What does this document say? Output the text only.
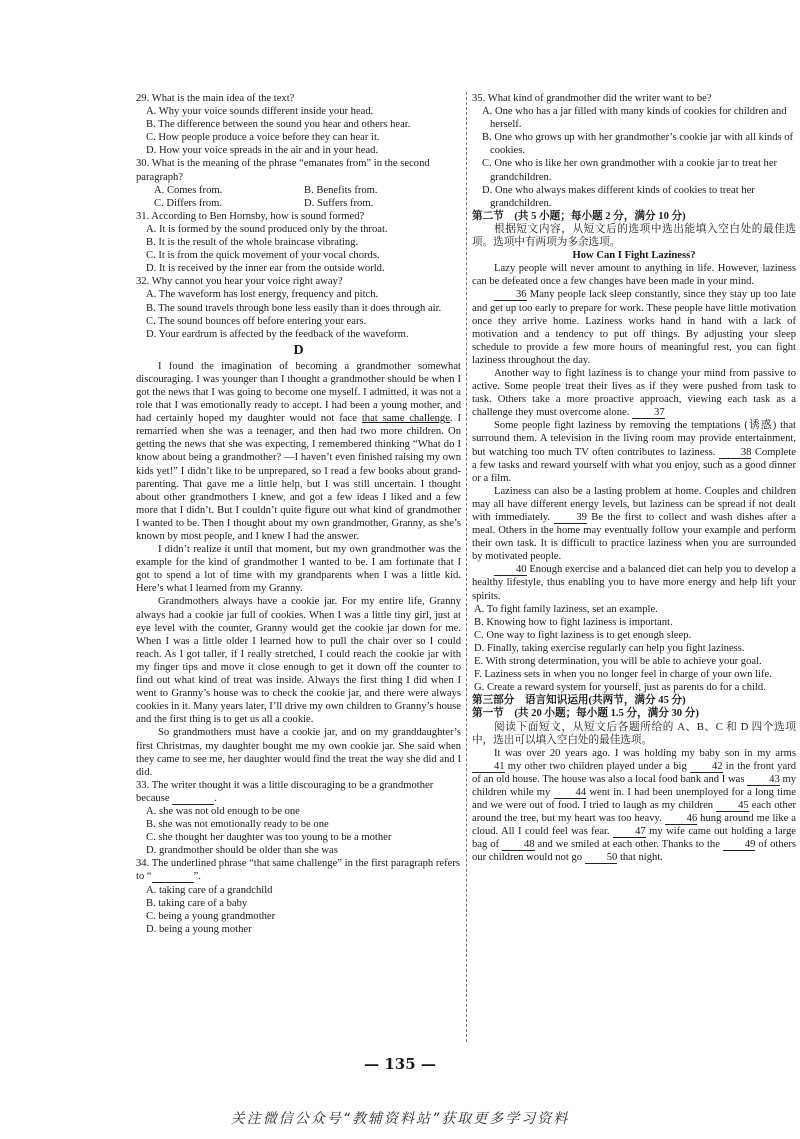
29. What is the main idea of the text?

A. Why your voice sounds different inside your head.

B. The difference between the sound you hear and others hear.

C. How people produce a voice before they can hear it.

D. How your voice spreads in the air and in your head.

30. What is the meaning of the phrase “emanates from” in the second paragraph?

A. Comes from.	B. Benefits from.
C. Differs from.	D. Suffers from.

31. According to Ben Hornsby, how is sound formed?

A. It is formed by the sound produced only by the throat.

B. It is the result of the whole braincase vibrating.

C. It is from the quick movement of your vocal chords.

D. It is received by the inner ear from the outside world.

32. Why cannot you hear your voice right away?

A. The waveform has lost energy, frequency and pitch.

B. The sound travels through bone less easily than it does through air.

C. The sound bounces off before entering your ears.

D. Your eardrum is affected by the feedback of the waveform.

D

I found the imagination of becoming a grandmother somewhat discouraging. I was younger than I thought a grandmother should be when I got the news that I was going to become one myself. I admitted, it was not a role that I was emotionally ready to accept. I had been a young mother, and had certainly hoped my daughter would not face that same challenge. I remarried when she was a teenager, and then had two more children. On getting the news that she was expecting, I remembered thinking “What do I know about being a grandmother? —I haven’t even finished raising my own kids yet!” I didn’t like to be unprepared, so I read a few books about grand-parenting. That gave me a little help, but I was still uncertain. I thought about other grandmothers I knew, and got a few ideas I liked and a few more that I didn’t. But I couldn’t quite figure out what kind of grandmother I wanted to be. Then I thought about my own grandmother, Granny, as she’s known by most people, and I knew I had the answer.

I didn’t realize it until that moment, but my own grandmother was the example for the kind of grandmother I wanted to be. I am fortunate that I got to spend a lot of time with my grandparents when I was a little kid. Here’s what I learned from my Granny.

Grandmothers always have a cookie jar. For my entire life, Granny always had a cookie jar full of cookies. When I was a little tiny girl, just at eye level with the counter, Granny would get the cookie jar down for me. When I was a little older I learned how to pull the chair over so I could reach. As I got taller, if I really stretched, I could reach the cookie jar with my finger tips and move it close enough to get it down off the counter to find out what kind of treat was inside. Always the first thing I did when I went to Granny’s house was to check the cookie jar, and there were always cookies in it. Many years later, I’ll drive my own children to Granny’s house and the first thing is to get us all a cookie.

So grandmothers must have a cookie jar, and on my granddaughter’s first Christmas, my daughter bought me my own cookie jar. She said when they came to see me, her daughter would find the treat the way she did and I did.

33. The writer thought it was a little discouraging to be a grandmother because	.

A. she was not old enough to be one

B. she was not emotionally ready to be one

C. she thought her daughter was too young to be a mother

D. grandmother should be older than she was

34. The underlined phrase “that same challenge” in the first paragraph refers to “	”.

A. taking care of a grandchild

B. taking care of a baby

C. being a young grandmother

D. being a young mother

35. What kind of grandmother did the writer want to be?

A. One who has a jar filled with many kinds of cookies for children and herself.

B. One who grows up with her grandmother’s cookie jar with all kinds of cookies.

C. One who is like her own grandmother with a cookie jar to treat her grandchildren.

D. One who always makes different kinds of cookies to treat her grandchildren.

第二节　(共 5 小题；每小题 2 分，满分 10 分)

根据短文内容，从短文后的选项中选出能填入空白处的最佳选项。选项中有两项为多余选项。

How Can I Fight Laziness?

Lazy people will never amount to anything in life. However, laziness can be defeated once a few changes have been made in your mind.

36 Many people lack sleep constantly, since they stay up too late and get up too early to prepare for work. These people have little motivation once they arrive home. Laziness works hand in hand with a lack of motivation and a tendency to put off things. By adjusting your sleep schedule to provide a few more hours of meaningful rest, you can fight laziness throughout the day.

Another way to fight laziness is to change your mind from passive to active. Some people treat their lives as if they were pushed from task to task. Others take a more proactive approach, viewing each task as a challenge they must overcome alone. 37

Some people fight laziness by removing the temptations (诱惑) that surround them. A television in the living room may provide entertainment, but watching too much TV often contributes to laziness. 38 Complete a few tasks and reward yourself with what you enjoy, such as a good dinner or a film.

Laziness can also be a lasting problem at home. Couples and children may all have different energy levels, but laziness can be spread if not dealt with immediately. 39 Be the first to collect and wash dishes after a meal. Others in the home may eventually follow your example and perform their own task. It is difficult to practice laziness when you are surrounded by motivated people.

40 Enough exercise and a balanced diet can help you to develop a healthy lifestyle, thus enabling you to have more energy and help lift your spirits.

A. To fight family laziness, set an example.

B. Knowing how to fight laziness is important.

C. One way to fight laziness is to get enough sleep.

D. Finally, taking exercise regularly can help you fight laziness.

E. With strong determination, you will be able to achieve your goal.

F. Laziness sets in when you no longer feel in charge of your own life.

G. Create a reward system for yourself, just as parents do for a child.

第三部分　语言知识运用(共两节，满分 45 分)

第一节　(共 20 小题；每小题 1.5 分，满分 30 分)

阅读下面短文，从短文后各题所给的 A、B、C 和 D 四个选项中，选出可以填入空白处的最佳选项。

It was over 20 years ago. I was holding my baby son in my arms 41 my other two children played under a big 42 in the front yard of an old house. The house was also a local food bank and I was 43 my children while my 44 went in. I had been unemployed for a long time and we were out of food. I tried to laugh as my children 45 each other around the tree, but my heart was too heavy. 46 hung around me like a cloud. All I could feel was fear. 47 my wife came out holding a large bag of 48 and we smiled at each other. Thanks to the 49 of others our children would not go 50 that night.

— 135 —
关注微信公众号“教辅资料站”获取更多学习资料
